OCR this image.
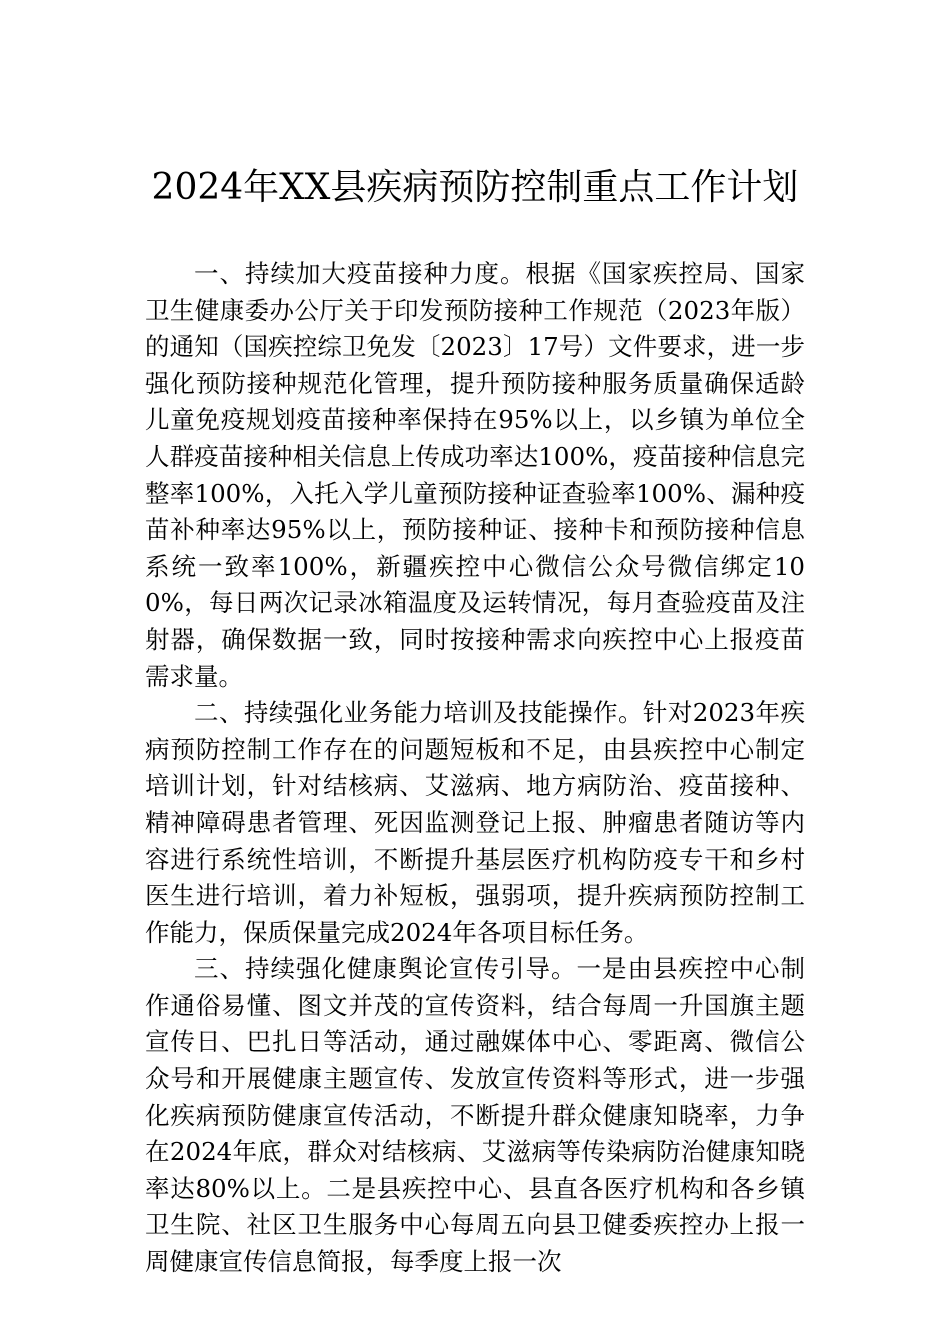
2024年XX县疾病预防控制重点工作计划

一、持续加大疫苗接种力度。根据《国家疾控局、国家卫生健康委办公厅关于印发预防接种工作规范（2023年版）的通知（国疾控综卫免发〔2023〕17号）文件要求，进一步强化预防接种规范化管理，提升预防接种服务质量确保适龄儿童免疫规划疫苗接种率保持在95%以上，以乡镇为单位全人群疫苗接种相关信息上传成功率达100%，疫苗接种信息完整率100%，入托入学儿童预防接种证查验率100%、漏种疫苗补种率达95%以上，预防接种证、接种卡和预防接种信息系统一致率100%，新疆疾控中心微信公众号微信绑定100%，每日两次记录冰箱温度及运转情况，每月查验疫苗及注射器，确保数据一致，同时按接种需求向疾控中心上报疫苗需求量。

二、持续强化业务能力培训及技能操作。针对2023年疾病预防控制工作存在的问题短板和不足，由县疾控中心制定培训计划，针对结核病、艾滋病、地方病防治、疫苗接种、精神障碍患者管理、死因监测登记上报、肿瘤患者随访等内容进行系统性培训，不断提升基层医疗机构防疫专干和乡村医生进行培训，着力补短板，强弱项，提升疾病预防控制工作能力，保质保量完成2024年各项目标任务。

三、持续强化健康舆论宣传引导。一是由县疾控中心制作通俗易懂、图文并茂的宣传资料，结合每周一升国旗主题宣传日、巴扎日等活动，通过融媒体中心、零距离、微信公众号和开展健康主题宣传、发放宣传资料等形式，进一步强化疾病预防健康宣传活动，不断提升群众健康知晓率，力争在2024年底，群众对结核病、艾滋病等传染病防治健康知晓率达80%以上。二是县疾控中心、县直各医疗机构和各乡镇卫生院、社区卫生服务中心每周五向县卫健委疾控办上报一周健康宣传信息简报，每季度上报一次
